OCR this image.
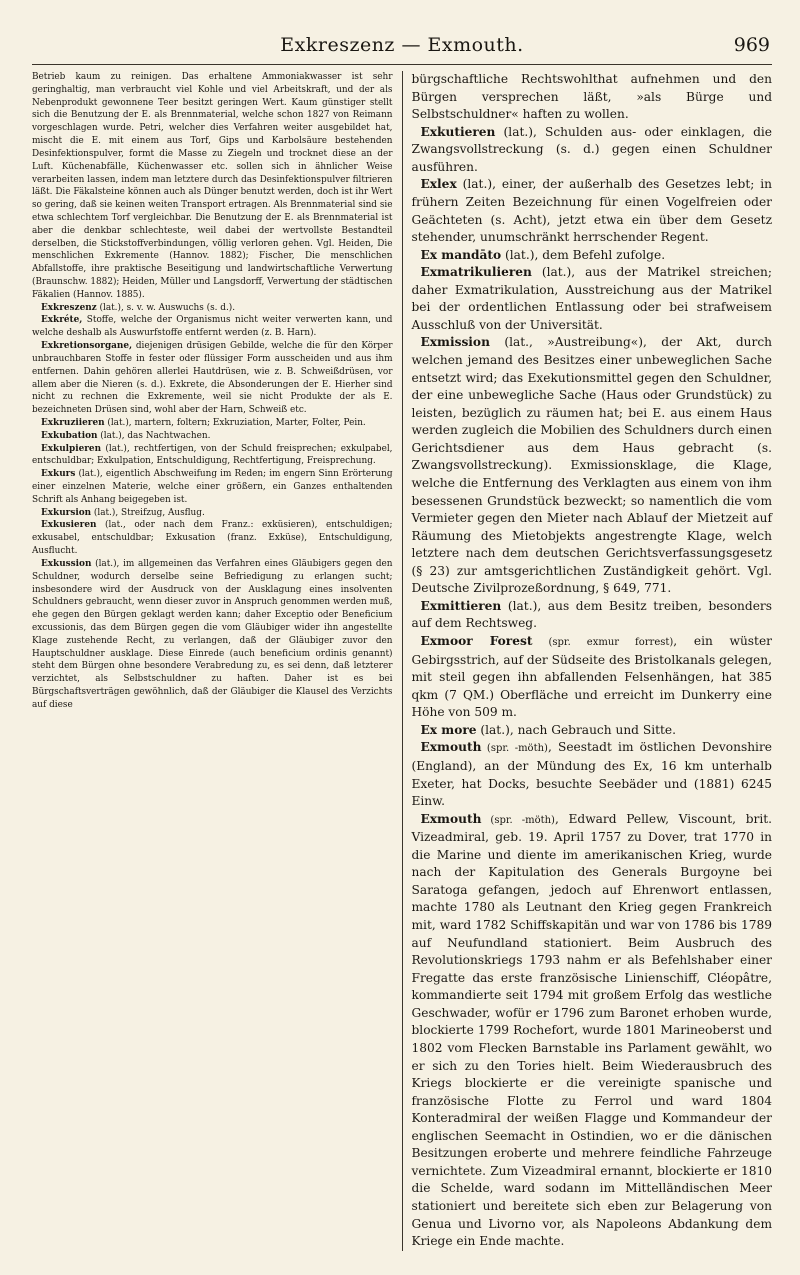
Exkreszenz — Exmouth.	969

Betrieb kaum zu reinigen. Das erhaltene Ammoniakwasser ist sehr geringhaltig, man verbraucht viel Kohle und viel Arbeitskraft, und der als Nebenprodukt gewonnene Teer besitzt geringen Wert. Kaum günstiger stellt sich die Benutzung der E. als Brennmaterial, welche schon 1827 von Reimann vorgeschlagen wurde. Petri, welcher dies Verfahren weiter ausgebildet hat, mischt die E. mit einem aus Torf, Gips und Karbolsäure bestehenden Desinfektionspulver, formt die Masse zu Ziegeln und trocknet diese an der Luft. Küchenabfälle, Küchenwasser etc. sollen sich in ähnlicher Weise verarbeiten lassen, indem man letztere durch das Desinfektionspulver filtrieren läßt. Die Fäkalsteine können auch als Dünger benutzt werden, doch ist ihr Wert so gering, daß sie keinen weiten Transport ertragen. Als Brennmaterial sind sie etwa schlechtem Torf vergleichbar. Die Benutzung der E. als Brennmaterial ist aber die denkbar schlechteste, weil dabei der wertvollste Bestandteil derselben, die Stickstoffverbindungen, völlig verloren gehen. Vgl. Heiden, Die menschlichen Exkremente (Hannov. 1882); Fischer, Die menschlichen Abfallstoffe, ihre praktische Beseitigung und landwirtschaftliche Verwertung (Braunschw. 1882); Heiden, Müller und Langsdorff, Verwertung der städtischen Fäkalien (Hannov. 1885).

Exkreszenz (lat.), s. v. w. Auswuchs (s. d.).

Exkréte, Stoffe, welche der Organismus nicht weiter verwerten kann, und welche deshalb als Auswurfstoffe entfernt werden (z. B. Harn).

Exkretionsorgane, diejenigen drüsigen Gebilde, welche die für den Körper unbrauchbaren Stoffe in fester oder flüssiger Form ausscheiden und aus ihm entfernen. Dahin gehören allerlei Hautdrüsen, wie z. B. Schweißdrüsen, vor allem aber die Nieren (s. d.). Exkrete, die Absonderungen der E. Hierher sind nicht zu rechnen die Exkremente, weil sie nicht Produkte der als E. bezeichneten Drüsen sind, wohl aber der Harn, Schweiß etc.

Exkruziieren (lat.), martern, foltern; Exkruziation, Marter, Folter, Pein.

Exkubation (lat.), das Nachtwachen.

Exkulpieren (lat.), rechtfertigen, von der Schuld freisprechen; exkulpabel, entschuldbar; Exkulpation, Entschuldigung, Rechtfertigung, Freisprechung.

Exkurs (lat.), eigentlich Abschweifung im Reden; im engern Sinn Erörterung einer einzelnen Materie, welche einer größern, ein Ganzes enthaltenden Schrift als Anhang beigegeben ist.

Exkursion (lat.), Streifzug, Ausflug.

Exkusieren (lat., oder nach dem Franz.: exküsieren), entschuldigen; exkusabel, entschuldbar; Exkusation (franz. Exküse), Entschuldigung, Ausflucht.

Exkussion (lat.), im allgemeinen das Verfahren eines Gläubigers gegen den Schuldner, wodurch derselbe seine Befriedigung zu erlangen sucht; insbesondere wird der Ausdruck von der Ausklagung eines insolventen Schuldners gebraucht, wenn dieser zuvor in Anspruch genommen werden muß, ehe gegen den Bürgen geklagt werden kann; daher Exceptio oder Beneficium excussionis, das dem Bürgen gegen die vom Gläubiger wider ihn angestellte Klage zustehende Recht, zu verlangen, daß der Gläubiger zuvor den Hauptschuldner ausklage. Diese Einrede (auch beneficium ordinis genannt) steht dem Bürgen ohne besondere Verabredung zu, es sei denn, daß letzterer verzichtet, als Selbstschuldner zu haften. Daher ist es bei Bürgschaftsverträgen gewöhnlich, daß der Gläubiger die Klausel des Verzichts auf diese

bürgschaftliche Rechtswohlthat aufnehmen und den Bürgen versprechen läßt, »als Bürge und Selbstschuldner« haften zu wollen.

Exkutieren (lat.), Schulden aus- oder einklagen, die Zwangsvollstreckung (s. d.) gegen einen Schuldner ausführen.

Exlex (lat.), einer, der außerhalb des Gesetzes lebt; in frühern Zeiten Bezeichnung für einen Vogelfreien oder Geächteten (s. Acht), jetzt etwa ein über dem Gesetz stehender, unumschränkt herrschender Regent.

Ex mandāto (lat.), dem Befehl zufolge.

Exmatrikulieren (lat.), aus der Matrikel streichen; daher Exmatrikulation, Ausstreichung aus der Matrikel bei der ordentlichen Entlassung oder bei strafweisem Ausschluß von der Universität.

Exmission (lat., »Austreibung«), der Akt, durch welchen jemand des Besitzes einer unbeweglichen Sache entsetzt wird; das Exekutionsmittel gegen den Schuldner, der eine unbewegliche Sache (Haus oder Grundstück) zu leisten, bezüglich zu räumen hat; bei E. aus einem Haus werden zugleich die Mobilien des Schuldners durch einen Gerichtsdiener aus dem Haus gebracht (s. Zwangsvollstreckung). Exmissionsklage, die Klage, welche die Entfernung des Verklagten aus einem von ihm besessenen Grundstück bezweckt; so namentlich die vom Vermieter gegen den Mieter nach Ablauf der Mietzeit auf Räumung des Mietobjekts angestrengte Klage, welch letztere nach dem deutschen Gerichtsverfassungsgesetz (§ 23) zur amtsgerichtlichen Zuständigkeit gehört. Vgl. Deutsche Zivilprozeßordnung, § 649, 771.

Exmittieren (lat.), aus dem Besitz treiben, besonders auf dem Rechtsweg.

Exmoor Forest (spr. exmur forrest), ein wüster Gebirgsstrich, auf der Südseite des Bristolkanals gelegen, mit steil gegen ihn abfallenden Felsenhängen, hat 385 qkm (7 QM.) Oberfläche und erreicht im Dunkerry eine Höhe von 509 m.

Ex more (lat.), nach Gebrauch und Sitte.

Exmouth (spr. -möth), Seestadt im östlichen Devonshire (England), an der Mündung des Ex, 16 km unterhalb Exeter, hat Docks, besuchte Seebäder und (1881) 6245 Einw.

Exmouth (spr. -möth), Edward Pellew, Viscount, brit. Vizeadmiral, geb. 19. April 1757 zu Dover, trat 1770 in die Marine und diente im amerikanischen Krieg, wurde nach der Kapitulation des Generals Burgoyne bei Saratoga gefangen, jedoch auf Ehrenwort entlassen, machte 1780 als Leutnant den Krieg gegen Frankreich mit, ward 1782 Schiffskapitän und war von 1786 bis 1789 auf Neufundland stationiert. Beim Ausbruch des Revolutionskriegs 1793 nahm er als Befehlshaber einer Fregatte das erste französische Linienschiff, Cléopâtre, kommandierte seit 1794 mit großem Erfolg das westliche Geschwader, wofür er 1796 zum Baronet erhoben wurde, blockierte 1799 Rochefort, wurde 1801 Marineoberst und 1802 vom Flecken Barnstable ins Parlament gewählt, wo er sich zu den Tories hielt. Beim Wiederausbruch des Kriegs blockierte er die vereinigte spanische und französische Flotte zu Ferrol und ward 1804 Konteradmiral der weißen Flagge und Kommandeur der englischen Seemacht in Ostindien, wo er die dänischen Besitzungen eroberte und mehrere feindliche Fahrzeuge vernichtete. Zum Vizeadmiral ernannt, blockierte er 1810 die Schelde, ward sodann im Mittelländischen Meer stationiert und bereitete sich eben zur Belagerung von Genua und Livorno vor, als Napoleons Abdankung dem Kriege ein Ende machte.
